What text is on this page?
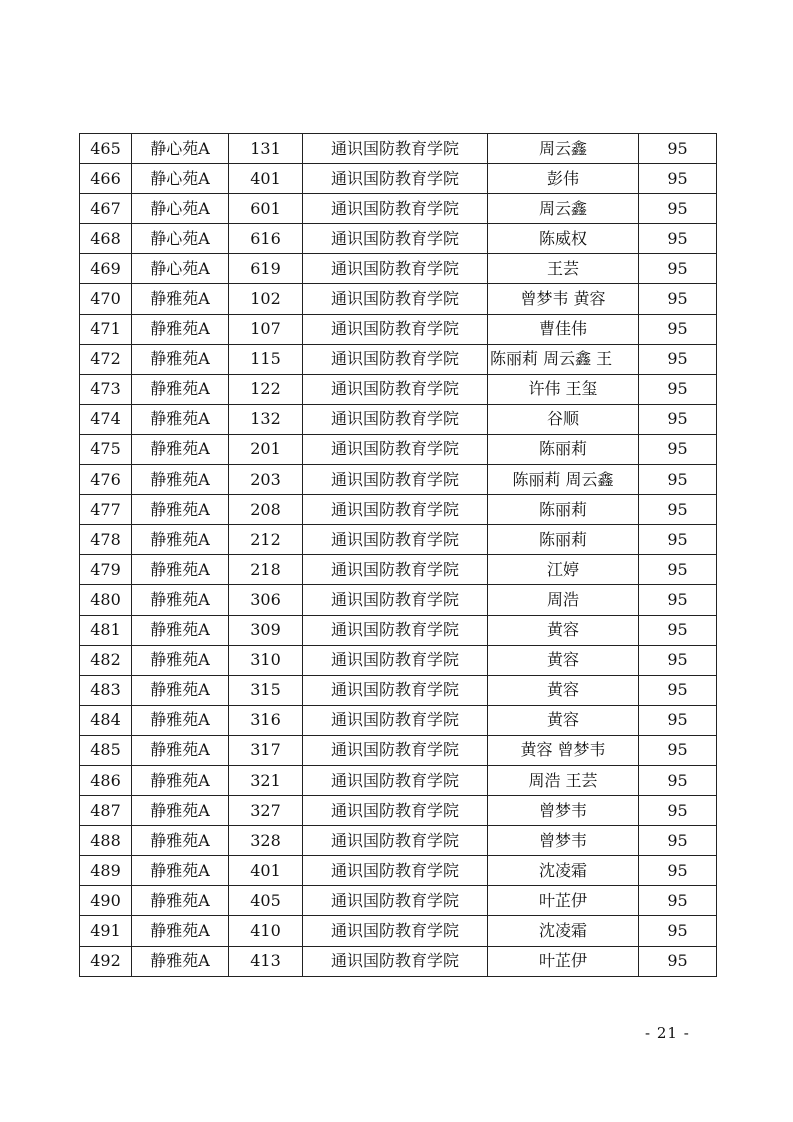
465	静心苑A	131	通识国防教育学院	周云鑫	95
466	静心苑A	401	通识国防教育学院	彭伟	95
467	静心苑A	601	通识国防教育学院	周云鑫	95
468	静心苑A	616	通识国防教育学院	陈威权	95
469	静心苑A	619	通识国防教育学院	王芸	95
470	静雅苑A	102	通识国防教育学院	曾梦韦 黄容	95
471	静雅苑A	107	通识国防教育学院	曹佳伟	95
472	静雅苑A	115	通识国防教育学院	陈丽莉 周云鑫 王	95
473	静雅苑A	122	通识国防教育学院	许伟 王玺	95
474	静雅苑A	132	通识国防教育学院	谷顺	95
475	静雅苑A	201	通识国防教育学院	陈丽莉	95
476	静雅苑A	203	通识国防教育学院	陈丽莉 周云鑫	95
477	静雅苑A	208	通识国防教育学院	陈丽莉	95
478	静雅苑A	212	通识国防教育学院	陈丽莉	95
479	静雅苑A	218	通识国防教育学院	江婷	95
480	静雅苑A	306	通识国防教育学院	周浩	95
481	静雅苑A	309	通识国防教育学院	黄容	95
482	静雅苑A	310	通识国防教育学院	黄容	95
483	静雅苑A	315	通识国防教育学院	黄容	95
484	静雅苑A	316	通识国防教育学院	黄容	95
485	静雅苑A	317	通识国防教育学院	黄容 曾梦韦	95
486	静雅苑A	321	通识国防教育学院	周浩 王芸	95
487	静雅苑A	327	通识国防教育学院	曾梦韦	95
488	静雅苑A	328	通识国防教育学院	曾梦韦	95
489	静雅苑A	401	通识国防教育学院	沈凌霜	95
490	静雅苑A	405	通识国防教育学院	叶芷伊	95
491	静雅苑A	410	通识国防教育学院	沈凌霜	95
492	静雅苑A	413	通识国防教育学院	叶芷伊	95
- 21 -
